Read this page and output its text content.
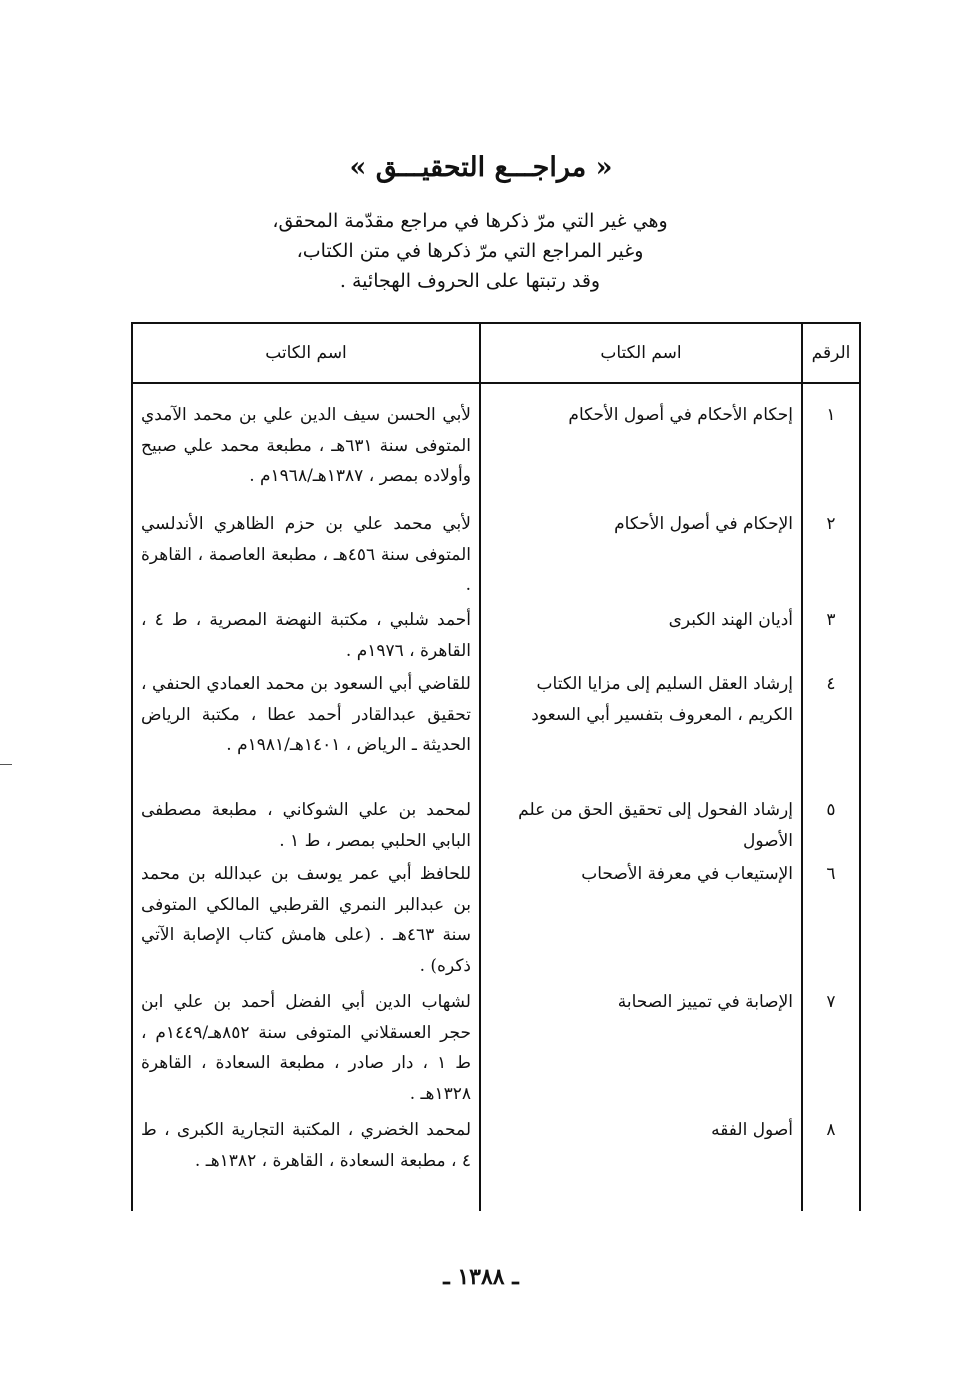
« مراجـــع التحقيـــق »
وهي غير التي مرّ ذكرها في مراجع مقدّمة المحقق،
وغير المراجع التي مرّ ذكرها في متن الكتاب،
وقد رتبتها على الحروف الهجائية .
الرقم	اسم الكتاب	اسم الكاتب
١	إحكام الأحكام في أصول الأحكام	لأبي الحسن سيف الدين علي بن محمد الآمدي المتوفى سنة ٦٣١هـ ، مطبعة محمد علي صبيح وأولاده بمصر ، ١٣٨٧هـ/١٩٦٨م .
٢	الإحكام في أصول الأحكام	لأبي محمد علي بن حزم الظاهري الأندلسي المتوفى سنة ٤٥٦هـ ، مطبعة العاصمة ، القاهرة .
٣	أديان الهند الكبرى	أحمد شلبي ، مكتبة النهضة المصرية ، ط ٤ ، القاهرة ، ١٩٧٦م .
٤	إرشاد العقل السليم إلى مزايا الكتاب الكريم ، المعروف بتفسير أبي السعود	للقاضي أبي السعود بن محمد العمادي الحنفي ، تحقيق عبدالقادر أحمد عطا ، مكتبة الرياض الحديثة ـ الرياض ، ١٤٠١هـ/١٩٨١م .
٥	إرشاد الفحول إلى تحقيق الحق من علم الأصول	لمحمد بن علي الشوكاني ، مطبعة مصطفى البابي الحلبي بمصر ، ط ١ .
٦	الإستيعاب في معرفة الأصحاب	للحافظ أبي عمر يوسف بن عبدالله بن محمد بن عبدالبر النمري القرطبي المالكي المتوفى سنة ٤٦٣هـ . (على هامش كتاب الإصابة الآتي ذكره) .
٧	الإصابة في تمييز الصحابة	لشهاب الدين أبي الفضل أحمد بن علي ابن حجر العسقلاني المتوفى سنة ٨٥٢هـ/١٤٤٩م ، ط ١ ، دار صادر ، مطبعة السعادة ، القاهرة ١٣٢٨هـ .
٨	أصول الفقه	لمحمد الخضري ، المكتبة التجارية الكبرى ، ط ٤ ، مطبعة السعادة ، القاهرة ، ١٣٨٢هـ .
ـ ١٣٨٨ ـ
